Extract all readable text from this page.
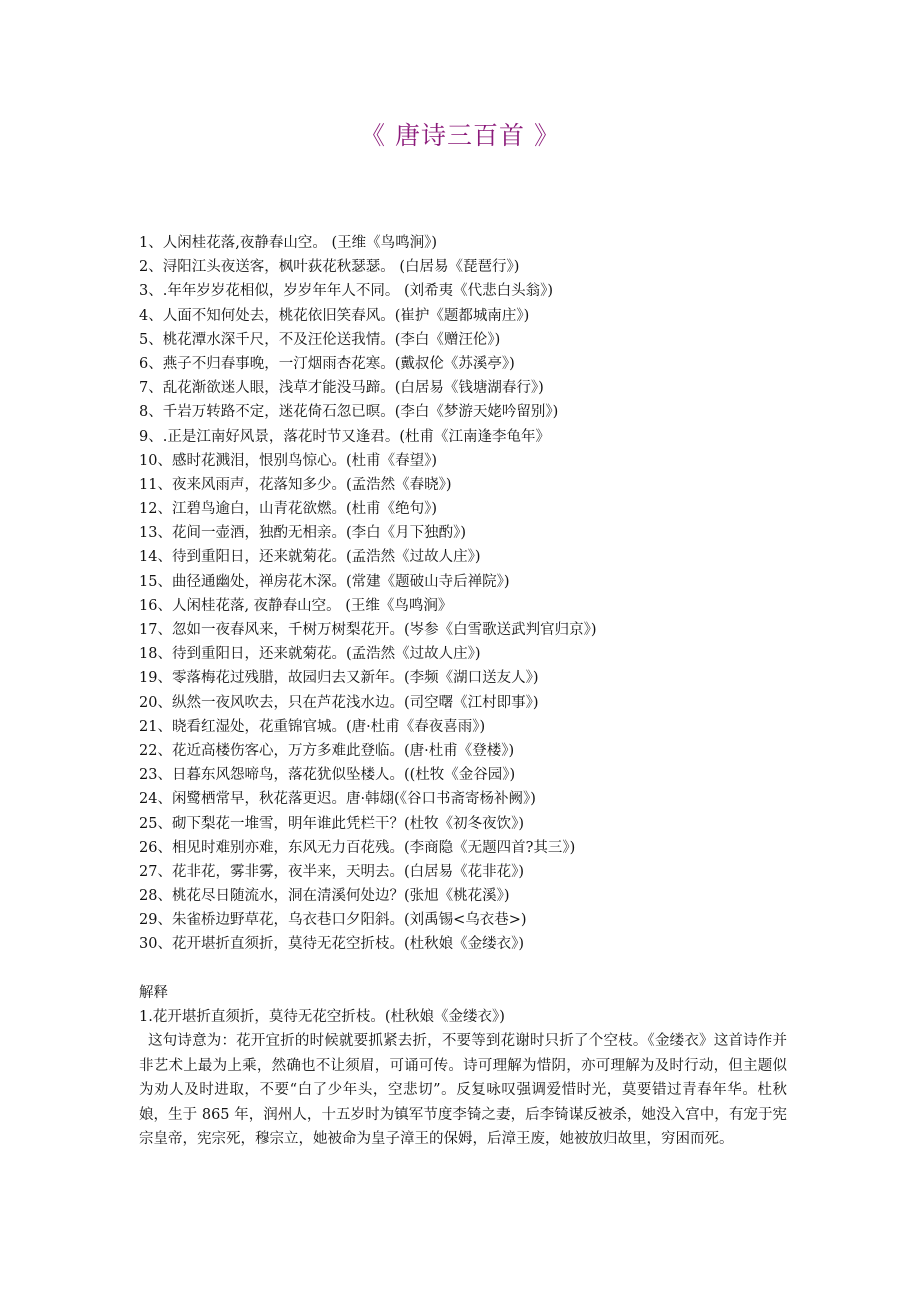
《 唐诗三百首 》
1、人闲桂花落,夜静春山空。 (王维《鸟鸣涧》)
2、浔阳江头夜送客，枫叶荻花秋瑟瑟。 (白居易《琵琶行》)
3、.年年岁岁花相似，岁岁年年人不同。 (刘希夷《代悲白头翁》)
4、人面不知何处去，桃花依旧笑春风。(崔护《题都城南庄》)
5、桃花潭水深千尺，不及汪伦送我情。(李白《赠汪伦》)
6、燕子不归春事晚，一汀烟雨杏花寒。(戴叔伦《苏溪亭》)
7、乱花渐欲迷人眼，浅草才能没马蹄。(白居易《钱塘湖春行》)
8、千岩万转路不定，迷花倚石忽已暝。(李白《梦游天姥吟留别》)
9、.正是江南好风景，落花时节又逢君。(杜甫《江南逢李龟年》
10、感时花溅泪，恨别鸟惊心。(杜甫《春望》)
11、夜来风雨声，花落知多少。(孟浩然《春晓》)
12、江碧鸟逾白，山青花欲燃。(杜甫《绝句》)
13、花间一壶酒，独酌无相亲。(李白《月下独酌》)
14、待到重阳日，还来就菊花。(孟浩然《过故人庄》)
15、曲径通幽处，禅房花木深。(常建《题破山寺后禅院》)
16、人闲桂花落, 夜静春山空。 (王维《鸟鸣涧》
17、忽如一夜春风来，千树万树梨花开。(岑参《白雪歌送武判官归京》)
18、待到重阳日，还来就菊花。(孟浩然《过故人庄》)
19、零落梅花过残腊，故园归去又新年。(李频《湖口送友人》)
20、纵然一夜风吹去，只在芦花浅水边。(司空曙《江村即事》)
21、晓看红湿处，花重锦官城。(唐·杜甫《春夜喜雨》)
22、花近高楼伤客心，万方多难此登临。(唐·杜甫《登楼》)
23、日暮东风怨啼鸟，落花犹似坠楼人。((杜牧《金谷园》)
24、闲鹭栖常早，秋花落更迟。唐·韩翃(《谷口书斋寄杨补阙》)
25、砌下梨花一堆雪，明年谁此凭栏干？(杜牧《初冬夜饮》)
26、相见时难别亦难，东风无力百花残。(李商隐《无题四首?其三》)
27、花非花，雾非雾，夜半来，天明去。(白居易《花非花》)
28、桃花尽日随流水，洞在清溪何处边？(张旭《桃花溪》)
29、朱雀桥边野草花，乌衣巷口夕阳斜。(刘禹锡<乌衣巷>)
30、花开堪折直须折，莫待无花空折枝。(杜秋娘《金缕衣》)
解释
1.花开堪折直须折，莫待无花空折枝。(杜秋娘《金缕衣》)
这句诗意为：花开宜折的时候就要抓紧去折，不要等到花谢时只折了个空枝。《金缕衣》这首诗作并非艺术上最为上乘，然确也不让须眉，可诵可传。诗可理解为惜阴，亦可理解为及时行动，但主题似为劝人及时进取，不要“白了少年头，空悲切”。反复咏叹强调爱惜时光，莫要错过青春年华。杜秋娘，生于 865 年，润州人，十五岁时为镇军节度李锜之妻，后李锜谋反被杀，她没入宫中，有宠于宪宗皇帝，宪宗死，穆宗立，她被命为皇子漳王的保姆，后漳王废，她被放归故里，穷困而死。
